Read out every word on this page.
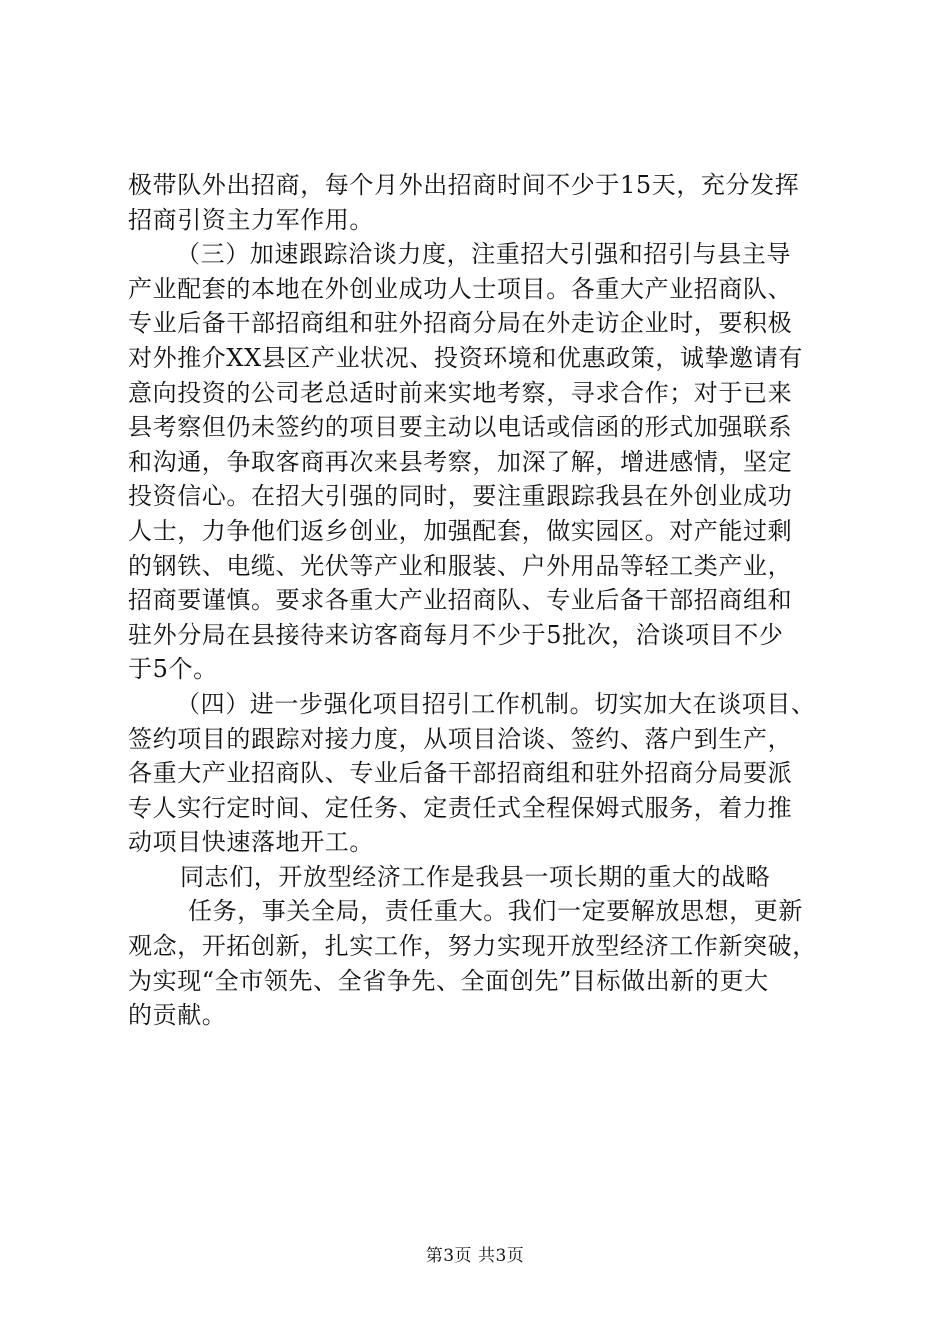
极带队外出招商，每个月外出招商时间不少于15天，充分发挥
招商引资主力军作用。
（三）加速跟踪洽谈力度，注重招大引强和招引与县主导
产业配套的本地在外创业成功人士项目。各重大产业招商队、
专业后备干部招商组和驻外招商分局在外走访企业时，要积极
对外推介XX县区产业状况、投资环境和优惠政策，诚挚邀请有
意向投资的公司老总适时前来实地考察，寻求合作；对于已来
县考察但仍未签约的项目要主动以电话或信函的形式加强联系
和沟通，争取客商再次来县考察，加深了解，增进感情，坚定
投资信心。在招大引强的同时，要注重跟踪我县在外创业成功
人士，力争他们返乡创业，加强配套，做实园区。对产能过剩
的钢铁、电缆、光伏等产业和服装、户外用品等轻工类产业，
招商要谨慎。要求各重大产业招商队、专业后备干部招商组和
驻外分局在县接待来访客商每月不少于5批次，洽谈项目不少
于5个。
（四）进一步强化项目招引工作机制。切实加大在谈项目、
签约项目的跟踪对接力度，从项目洽谈、签约、落户到生产，
各重大产业招商队、专业后备干部招商组和驻外招商分局要派
专人实行定时间、定任务、定责任式全程保姆式服务，着力推
动项目快速落地开工。
同志们，开放型经济工作是我县一项长期的重大的战略
任务，事关全局，责任重大。我们一定要解放思想，更新
观念，开拓创新，扎实工作，努力实现开放型经济工作新突破，
为实现“全市领先、全省争先、全面创先”目标做出新的更大
的贡献。
第3页 共3页
